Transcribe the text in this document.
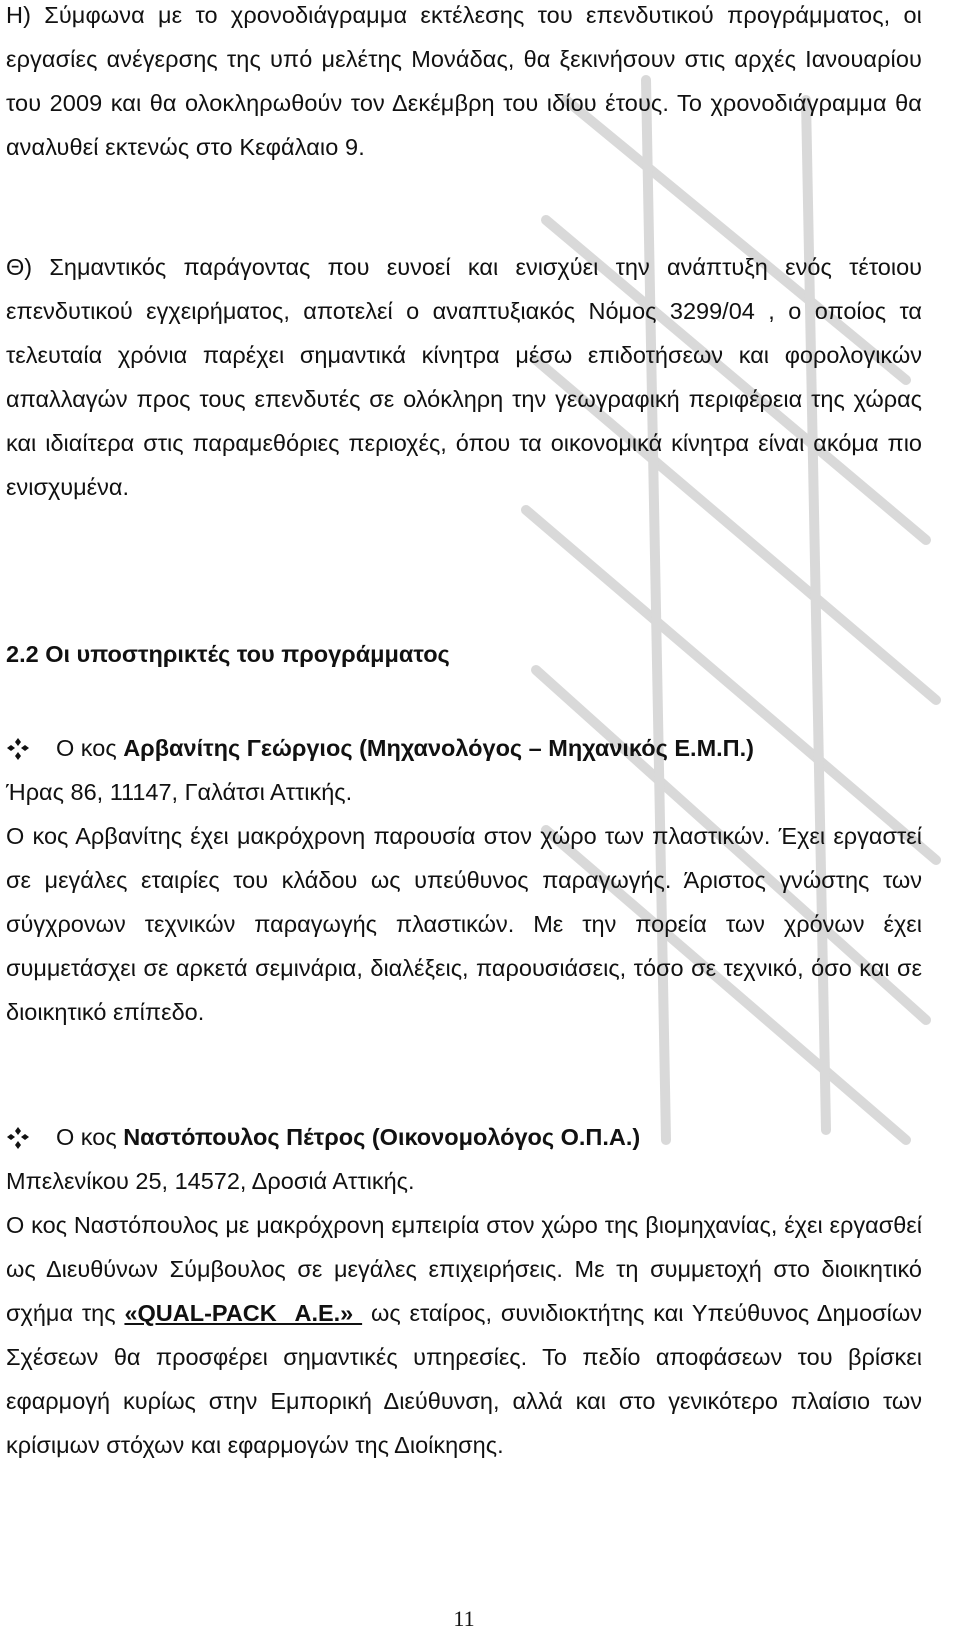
Η) Σύμφωνα με το χρονοδιάγραμμα εκτέλεσης του επενδυτικού προγράμματος, οι εργασίες ανέγερσης της υπό μελέτης Μονάδας, θα ξεκινήσουν στις αρχές Ιανουαρίου του 2009 και θα ολοκληρωθούν τον Δεκέμβρη του ιδίου έτους. Το χρονοδιάγραμμα θα αναλυθεί εκτενώς στο Κεφάλαιο 9.

Θ) Σημαντικός παράγοντας που ευνοεί και ενισχύει την ανάπτυξη ενός τέτοιου επενδυτικού εγχειρήματος, αποτελεί ο αναπτυξιακός Νόμος 3299/04 , ο οποίος τα τελευταία χρόνια παρέχει σημαντικά κίνητρα μέσω επιδοτήσεων και φορολογικών απαλλαγών προς τους επενδυτές σε ολόκληρη την γεωγραφική περιφέρεια της χώρας και ιδιαίτερα στις παραμεθόριες περιοχές, όπου τα οικονομικά κίνητρα είναι ακόμα πιο ενισχυμένα.

2.2 Οι υποστηρικτές του προγράμματος
Ο κος Αρβανίτης Γεώργιος (Μηχανολόγος – Μηχανικός Ε.Μ.Π.)

Ήρας 86, 11147, Γαλάτσι Αττικής.
Ο κος Αρβανίτης έχει μακρόχρονη παρουσία στον χώρο των πλαστικών. Έχει εργαστεί σε μεγάλες εταιρίες του κλάδου ως υπεύθυνος παραγωγής. Άριστος γνώστης των σύγχρονων τεχνικών παραγωγής πλαστικών. Με την πορεία των χρόνων έχει συμμετάσχει σε αρκετά σεμινάρια, διαλέξεις, παρουσιάσεις, τόσο σε τεχνικό, όσο και σε διοικητικό επίπεδο.

Ο κος Ναστόπουλος Πέτρος (Οικονομολόγος Ο.Π.Α.)

Μπελενίκου 25, 14572, Δροσιά Αττικής.
Ο κος Ναστόπουλος με μακρόχρονη εμπειρία στον χώρο της βιομηχανίας, έχει εργασθεί ως Διευθύνων Σύμβουλος σε μεγάλες επιχειρήσεις. Με τη συμμετοχή στο διοικητικό σχήμα της «QUAL-PACK  Α.Ε.»  ως εταίρος, συνιδιοκτήτης και Υπεύθυνος Δημοσίων Σχέσεων θα προσφέρει σημαντικές υπηρεσίες. Το πεδίο αποφάσεων του βρίσκει εφαρμογή κυρίως στην Εμπορική Διεύθυνση, αλλά και στο γενικότερο πλαίσιο των κρίσιμων στόχων και εφαρμογών της Διοίκησης.

11
